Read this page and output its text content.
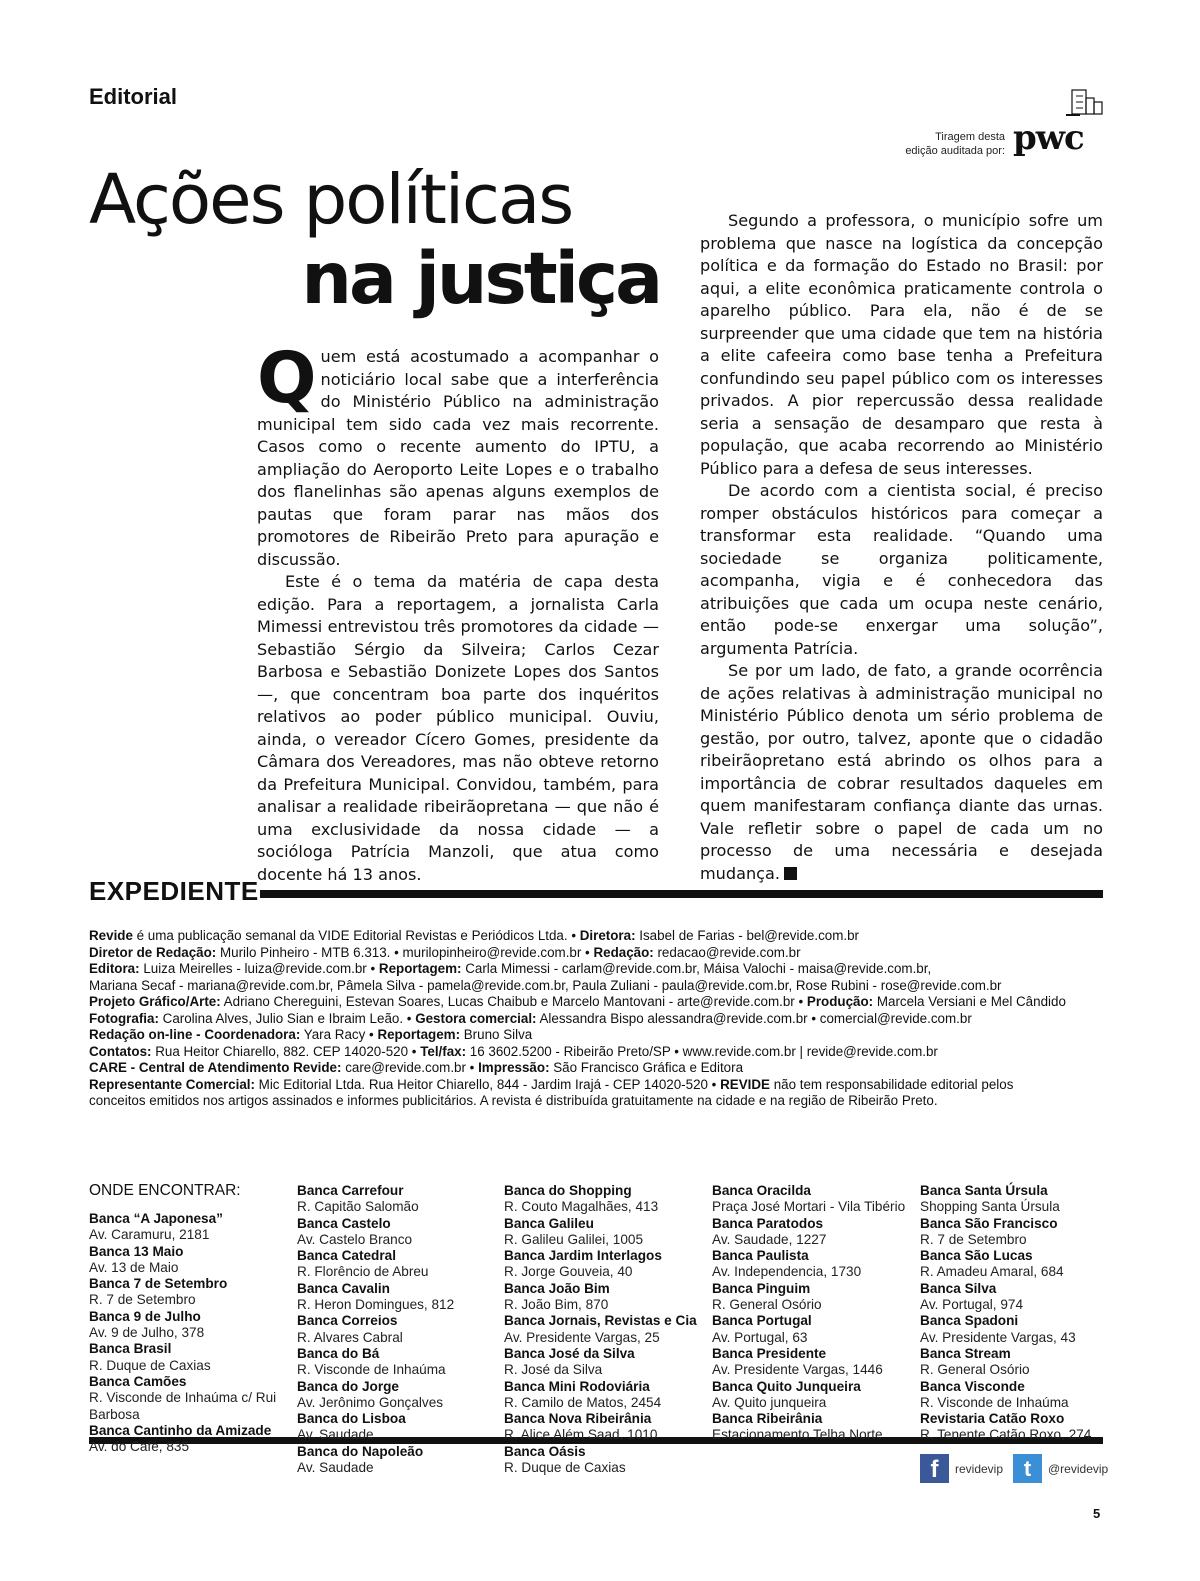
Editorial
Tiragem desta edição auditada por: pwc
Ações políticas
na justiça

Quem está acostumado a acompanhar o noticiário local sabe que a interferência do Ministério Público na administração municipal tem sido cada vez mais recorrente. Casos como o recente aumento do IPTU, a ampliação do Aeroporto Leite Lopes e o trabalho dos flanelinhas são apenas alguns exemplos de pautas que foram parar nas mãos dos promotores de Ribeirão Preto para apuração e discussão.

Este é o tema da matéria de capa desta edição. Para a reportagem, a jornalista Carla Mimessi entrevistou três promotores da cidade — Sebastião Sérgio da Silveira; Carlos Cezar Barbosa e Sebastião Donizete Lopes dos Santos —, que concentram boa parte dos inquéritos relativos ao poder público municipal. Ouviu, ainda, o vereador Cícero Gomes, presidente da Câmara dos Vereadores, mas não obteve retorno da Prefeitura Municipal. Convidou, também, para analisar a realidade ribeirãopretana — que não é uma exclusividade da nossa cidade — a socióloga Patrícia Manzoli, que atua como docente há 13 anos.

Segundo a professora, o município sofre um problema que nasce na logística da concepção política e da formação do Estado no Brasil: por aqui, a elite econômica praticamente controla o aparelho público. Para ela, não é de se surpreender que uma cidade que tem na história a elite cafeeira como base tenha a Prefeitura confundindo seu papel público com os interesses privados. A pior repercussão dessa realidade seria a sensação de desamparo que resta à população, que acaba recorrendo ao Ministério Público para a defesa de seus interesses.

De acordo com a cientista social, é preciso romper obstáculos históricos para começar a transformar esta realidade. “Quando uma sociedade se organiza politicamente, acompanha, vigia e é conhecedora das atribuições que cada um ocupa neste cenário, então pode-se enxergar uma solução”, argumenta Patrícia.

Se por um lado, de fato, a grande ocorrência de ações relativas à administração municipal no Ministério Público denota um sério problema de gestão, por outro, talvez, aponte que o cidadão ribeirãopretano está abrindo os olhos para a importância de cobrar resultados daqueles em quem manifestaram confiança diante das urnas. Vale refletir sobre o papel de cada um no processo de uma necessária e desejada mudança.

EXPEDIENTE
Revide é uma publicação semanal da VIDE Editorial Revistas e Periódicos Ltda. • Diretora: Isabel de Farias - bel@revide.com.br
Diretor de Redação: Murilo Pinheiro - MTB 6.313. • murilopinheiro@revide.com.br • Redação: redacao@revide.com.br
Editora: Luiza Meirelles - luiza@revide.com.br • Reportagem: Carla Mimessi - carlam@revide.com.br, Máisa Valochi - maisa@revide.com.br,
Mariana Secaf - mariana@revide.com.br, Pâmela Silva - pamela@revide.com.br, Paula Zuliani - paula@revide.com.br, Rose Rubini - rose@revide.com.br
Projeto Gráfico/Arte: Adriano Chereguini, Estevan Soares, Lucas Chaibub e Marcelo Mantovani - arte@revide.com.br • Produção: Marcela Versiani e Mel Cândido
Fotografia: Carolina Alves, Julio Sian e Ibraim Leão. • Gestora comercial: Alessandra Bispo alessandra@revide.com.br • comercial@revide.com.br
Redação on-line - Coordenadora: Yara Racy • Reportagem: Bruno Silva
Contatos: Rua Heitor Chiarello, 882. CEP 14020-520 • Tel/fax: 16 3602.5200 - Ribeirão Preto/SP • www.revide.com.br | revide@revide.com.br
CARE - Central de Atendimento Revide: care@revide.com.br • Impressão: São Francisco Gráfica e Editora
Representante Comercial: Mic Editorial Ltda. Rua Heitor Chiarello, 844 - Jardim Irajá - CEP 14020-520 • REVIDE não tem responsabilidade editorial pelos
conceitos emitidos nos artigos assinados e informes publicitários. A revista é distribuída gratuitamente na cidade e na região de Ribeirão Preto.
ONDE ENCONTRAR:
Banca “A Japonesa”
Av. Caramuru, 2181
Banca 13 Maio
Av. 13 de Maio
Banca 7 de Setembro
R. 7 de Setembro
Banca 9 de Julho
Av. 9 de Julho, 378
Banca Brasil
R. Duque de Caxias
Banca Camões
R. Visconde de Inhaúma c/ Rui Barbosa
Banca Cantinho da Amizade
Av. do Café, 835
Banca Carrefour
R. Capitão Salomão
Banca Castelo
Av. Castelo Branco
Banca Catedral
R. Florêncio de Abreu
Banca Cavalin
R. Heron Domingues, 812
Banca Correios
R. Alvares Cabral
Banca do Bá
R. Visconde de Inhaúma
Banca do Jorge
Av. Jerônimo Gonçalves
Banca do Lisboa
Av. Saudade
Banca do Napoleão
Av. Saudade
Banca do Shopping
R. Couto Magalhães, 413
Banca Galileu
R. Galileu Galilei, 1005
Banca Jardim Interlagos
R. Jorge Gouveia, 40
Banca João Bim
R. João Bim, 870
Banca Jornais, Revistas e Cia
Av. Presidente Vargas, 25
Banca José da Silva
R. José da Silva
Banca Mini Rodoviária
R. Camilo de Matos, 2454
Banca Nova Ribeirânia
R. Alice Além Saad, 1010
Banca Oásis
R. Duque de Caxias
Banca Oracilda
Praça José Mortari - Vila Tibério
Banca Paratodos
Av. Saudade, 1227
Banca Paulista
Av. Independencia, 1730
Banca Pinguim
R. General Osório
Banca Portugal
Av. Portugal, 63
Banca Presidente
Av. Presidente Vargas, 1446
Banca Quito Junqueira
Av. Quito junqueira
Banca Ribeirânia
Estacionamento Telha Norte
Banca Santa Úrsula
Shopping Santa Úrsula
Banca São Francisco
R. 7 de Setembro
Banca São Lucas
R. Amadeu Amaral, 684
Banca Silva
Av. Portugal, 974
Banca Spadoni
Av. Presidente Vargas, 43
Banca Stream
R. General Osório
Banca Visconde
R. Visconde de Inhaúma
Revistaria Catão Roxo
R. Tenente Catão Roxo, 274
f	revidevip t	@revidevip
5
